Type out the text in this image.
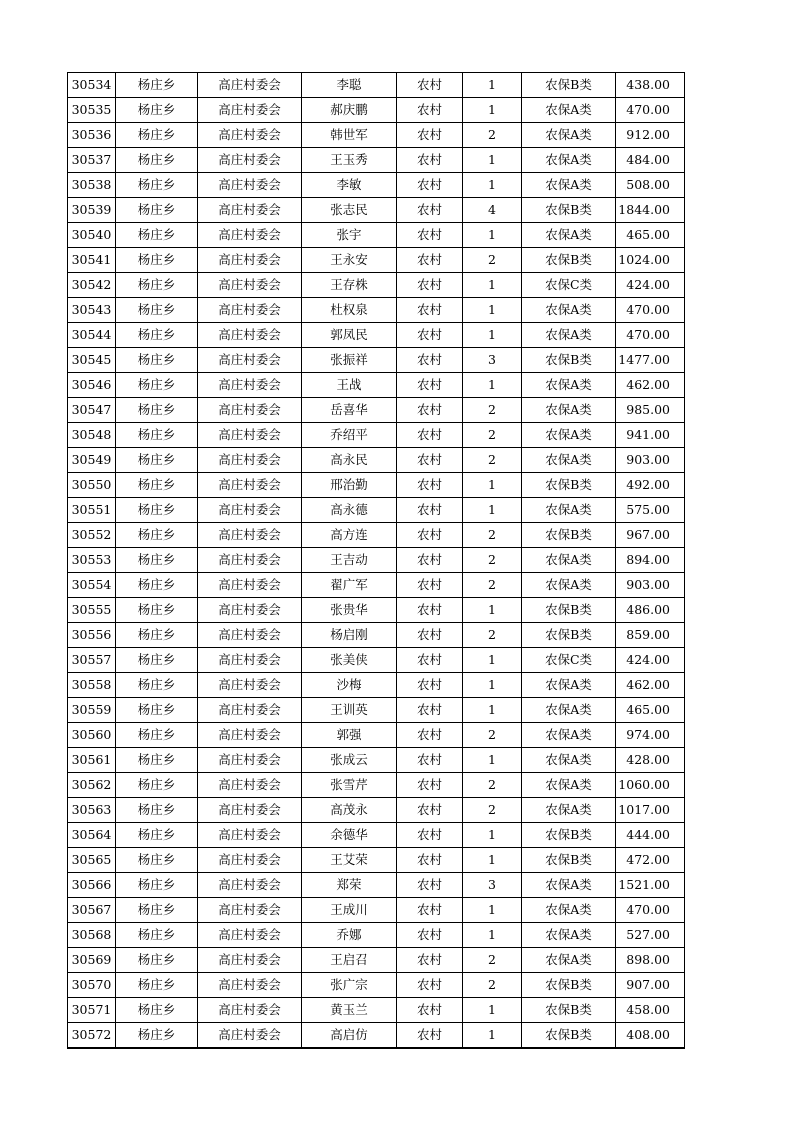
30534	杨庄乡	高庄村委会	李聪	农村	1	农保B类	438.00
30535	杨庄乡	高庄村委会	郝庆鹏	农村	1	农保A类	470.00
30536	杨庄乡	高庄村委会	韩世军	农村	2	农保A类	912.00
30537	杨庄乡	高庄村委会	王玉秀	农村	1	农保A类	484.00
30538	杨庄乡	高庄村委会	李敏	农村	1	农保A类	508.00
30539	杨庄乡	高庄村委会	张志民	农村	4	农保B类	1844.00
30540	杨庄乡	高庄村委会	张宇	农村	1	农保A类	465.00
30541	杨庄乡	高庄村委会	王永安	农村	2	农保B类	1024.00
30542	杨庄乡	高庄村委会	王存株	农村	1	农保C类	424.00
30543	杨庄乡	高庄村委会	杜权泉	农村	1	农保A类	470.00
30544	杨庄乡	高庄村委会	郭凤民	农村	1	农保A类	470.00
30545	杨庄乡	高庄村委会	张振祥	农村	3	农保B类	1477.00
30546	杨庄乡	高庄村委会	王战	农村	1	农保A类	462.00
30547	杨庄乡	高庄村委会	岳喜华	农村	2	农保A类	985.00
30548	杨庄乡	高庄村委会	乔绍平	农村	2	农保A类	941.00
30549	杨庄乡	高庄村委会	高永民	农村	2	农保A类	903.00
30550	杨庄乡	高庄村委会	邢治勤	农村	1	农保B类	492.00
30551	杨庄乡	高庄村委会	高永德	农村	1	农保A类	575.00
30552	杨庄乡	高庄村委会	高方连	农村	2	农保B类	967.00
30553	杨庄乡	高庄村委会	王吉动	农村	2	农保A类	894.00
30554	杨庄乡	高庄村委会	翟广军	农村	2	农保A类	903.00
30555	杨庄乡	高庄村委会	张贵华	农村	1	农保B类	486.00
30556	杨庄乡	高庄村委会	杨启刚	农村	2	农保B类	859.00
30557	杨庄乡	高庄村委会	张美侠	农村	1	农保C类	424.00
30558	杨庄乡	高庄村委会	沙梅	农村	1	农保A类	462.00
30559	杨庄乡	高庄村委会	王训英	农村	1	农保A类	465.00
30560	杨庄乡	高庄村委会	郭强	农村	2	农保A类	974.00
30561	杨庄乡	高庄村委会	张成云	农村	1	农保A类	428.00
30562	杨庄乡	高庄村委会	张雪芹	农村	2	农保A类	1060.00
30563	杨庄乡	高庄村委会	高茂永	农村	2	农保A类	1017.00
30564	杨庄乡	高庄村委会	余德华	农村	1	农保B类	444.00
30565	杨庄乡	高庄村委会	王艾荣	农村	1	农保B类	472.00
30566	杨庄乡	高庄村委会	郑荣	农村	3	农保A类	1521.00
30567	杨庄乡	高庄村委会	王成川	农村	1	农保A类	470.00
30568	杨庄乡	高庄村委会	乔娜	农村	1	农保A类	527.00
30569	杨庄乡	高庄村委会	王启召	农村	2	农保A类	898.00
30570	杨庄乡	高庄村委会	张广宗	农村	2	农保B类	907.00
30571	杨庄乡	高庄村委会	黄玉兰	农村	1	农保B类	458.00
30572	杨庄乡	高庄村委会	高启仿	农村	1	农保B类	408.00
